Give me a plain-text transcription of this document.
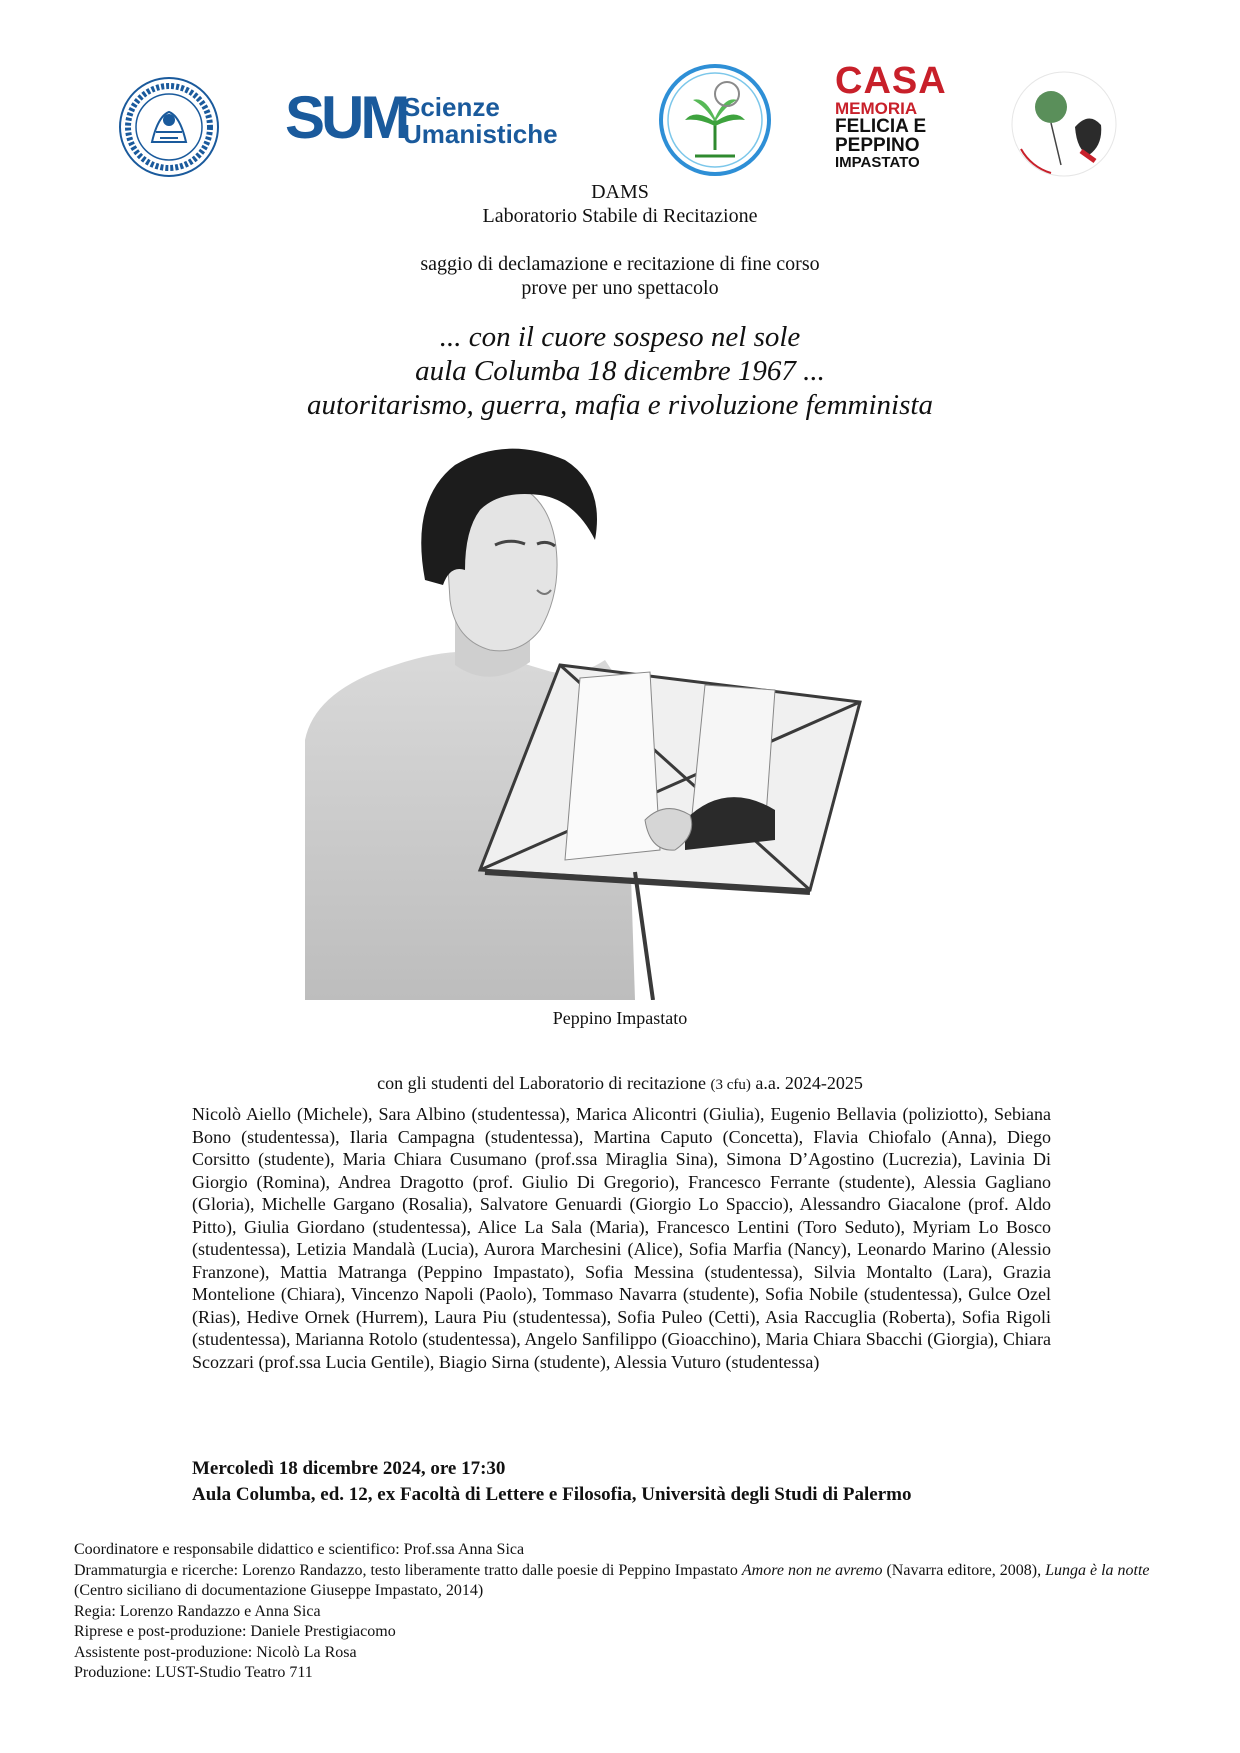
SUM
Scienze
Umanistiche
CASA
MEMORIA
FELICIA E
PEPPINO
IMPASTATO
DAMS
Laboratorio Stabile di Recitazione
saggio di declamazione e recitazione di fine corso
prove per uno spettacolo
... con il cuore sospeso nel sole
aula Columba 18 dicembre 1967 ...
autoritarismo, guerra, mafia e rivoluzione femminista
Peppino Impastato
con gli studenti del Laboratorio di recitazione (3 cfu) a.a. 2024-2025
Nicolò Aiello (Michele), Sara Albino (studentessa), Marica Alicontri (Giulia), Eugenio Bellavia (poliziotto), Sebiana Bono (studentessa), Ilaria Campagna (studentessa), Martina Caputo (Concetta), Flavia Chiofalo (Anna), Diego Corsitto (studente), Maria Chiara Cusumano (prof.ssa Miraglia Sina), Simona D’Agostino (Lucrezia), Lavinia Di Giorgio (Romina), Andrea Dragotto (prof. Giulio Di Gregorio), Francesco Ferrante (studente), Alessia Gagliano (Gloria), Michelle Gargano (Rosalia), Salvatore Genuardi (Giorgio Lo Spaccio), Alessandro Giacalone (prof. Aldo Pitto), Giulia Giordano (studentessa), Alice La Sala (Maria), Francesco Lentini (Toro Seduto), Myriam Lo Bosco (studentessa), Letizia Mandalà (Lucia), Aurora Marchesini (Alice), Sofia Marfia (Nancy), Leonardo Marino (Alessio Franzone), Mattia Matranga (Peppino Impastato), Sofia Messina (studentessa), Silvia Montalto (Lara), Grazia Montelione (Chiara), Vincenzo Napoli (Paolo), Tommaso Navarra (studente), Sofia Nobile (studentessa), Gulce Ozel (Rias), Hedive Ornek (Hurrem), Laura Piu (studentessa), Sofia Puleo (Cetti), Asia Raccuglia (Roberta), Sofia Rigoli (studentessa), Marianna Rotolo (studentessa), Angelo Sanfilippo (Gioacchino), Maria Chiara Sbacchi (Giorgia), Chiara Scozzari (prof.ssa Lucia Gentile), Biagio Sirna (studente), Alessia Vuturo (studentessa)
Mercoledì 18 dicembre 2024, ore 17:30
Aula Columba, ed. 12, ex Facoltà di Lettere e Filosofia, Università degli Studi di Palermo
Coordinatore e responsabile didattico e scientifico: Prof.ssa Anna Sica
Drammaturgia e ricerche: Lorenzo Randazzo, testo liberamente tratto dalle poesie di Peppino Impastato Amore non ne avremo (Navarra editore, 2008), Lunga è la notte (Centro siciliano di documentazione Giuseppe Impastato, 2014)
Regia: Lorenzo Randazzo e Anna Sica
Riprese e post-produzione: Daniele Prestigiacomo
Assistente post-produzione: Nicolò La Rosa
Produzione: LUST-Studio Teatro 711
